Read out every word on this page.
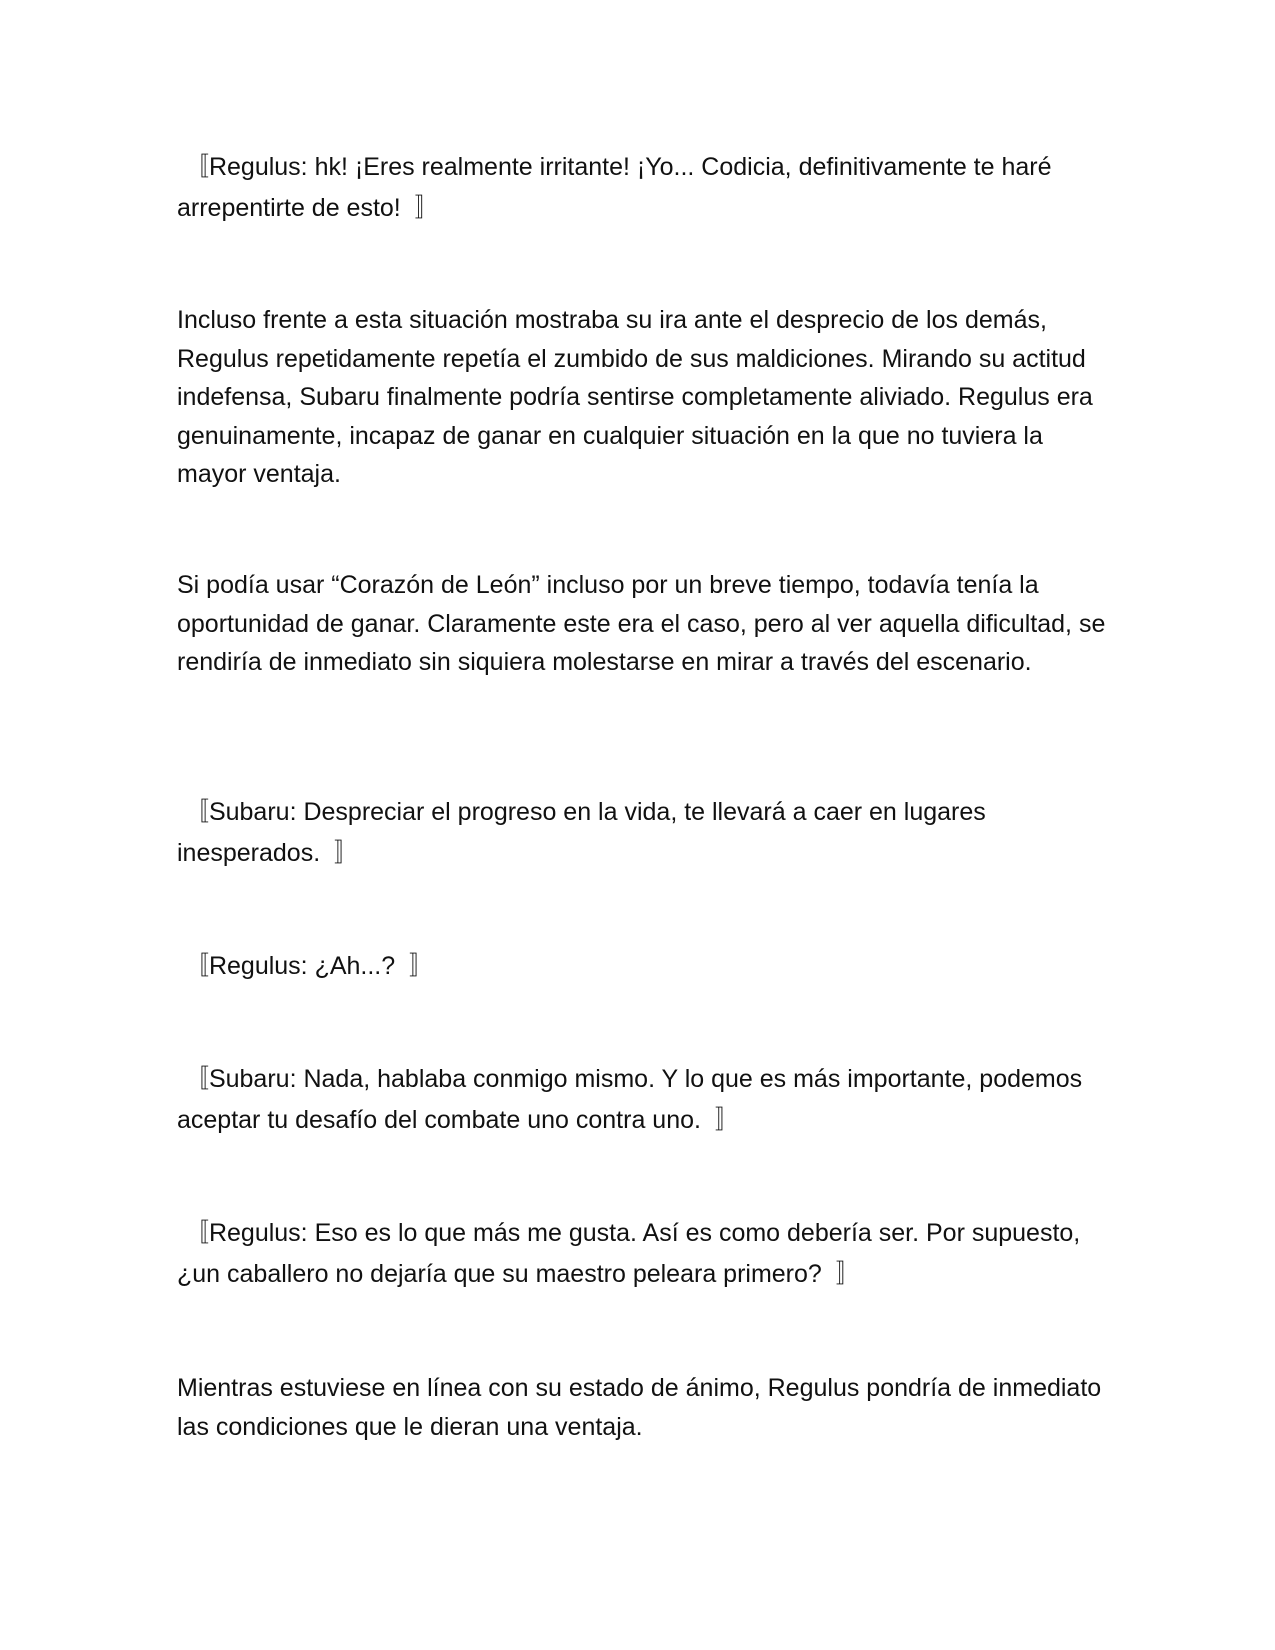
〚Regulus: hk! ¡Eres realmente irritante! ¡Yo... Codicia, definitivamente te haré arrepentirte de esto!  〛

Incluso frente a esta situación mostraba su ira ante el desprecio de los demás, Regulus repetidamente repetía el zumbido de sus maldiciones. Mirando su actitud indefensa, Subaru finalmente podría sentirse completamente aliviado. Regulus era genuinamente, incapaz de ganar en cualquier situación en la que no tuviera la mayor ventaja.

Si podía usar “Corazón de León” incluso por un breve tiempo, todavía tenía la oportunidad de ganar. Claramente este era el caso, pero al ver aquella dificultad, se rendiría de inmediato sin siquiera molestarse en mirar a través del escenario.

〚Subaru: Despreciar el progreso en la vida, te llevará a caer en lugares inesperados.  〛

〚Regulus: ¿Ah...?  〛

〚Subaru: Nada, hablaba conmigo mismo. Y lo que es más importante, podemos aceptar tu desafío del combate uno contra uno.  〛

〚Regulus: Eso es lo que más me gusta. Así es como debería ser. Por supuesto, ¿un caballero no dejaría que su maestro peleara primero?  〛

Mientras estuviese en línea con su estado de ánimo, Regulus pondría de inmediato las condiciones que le dieran una ventaja.
